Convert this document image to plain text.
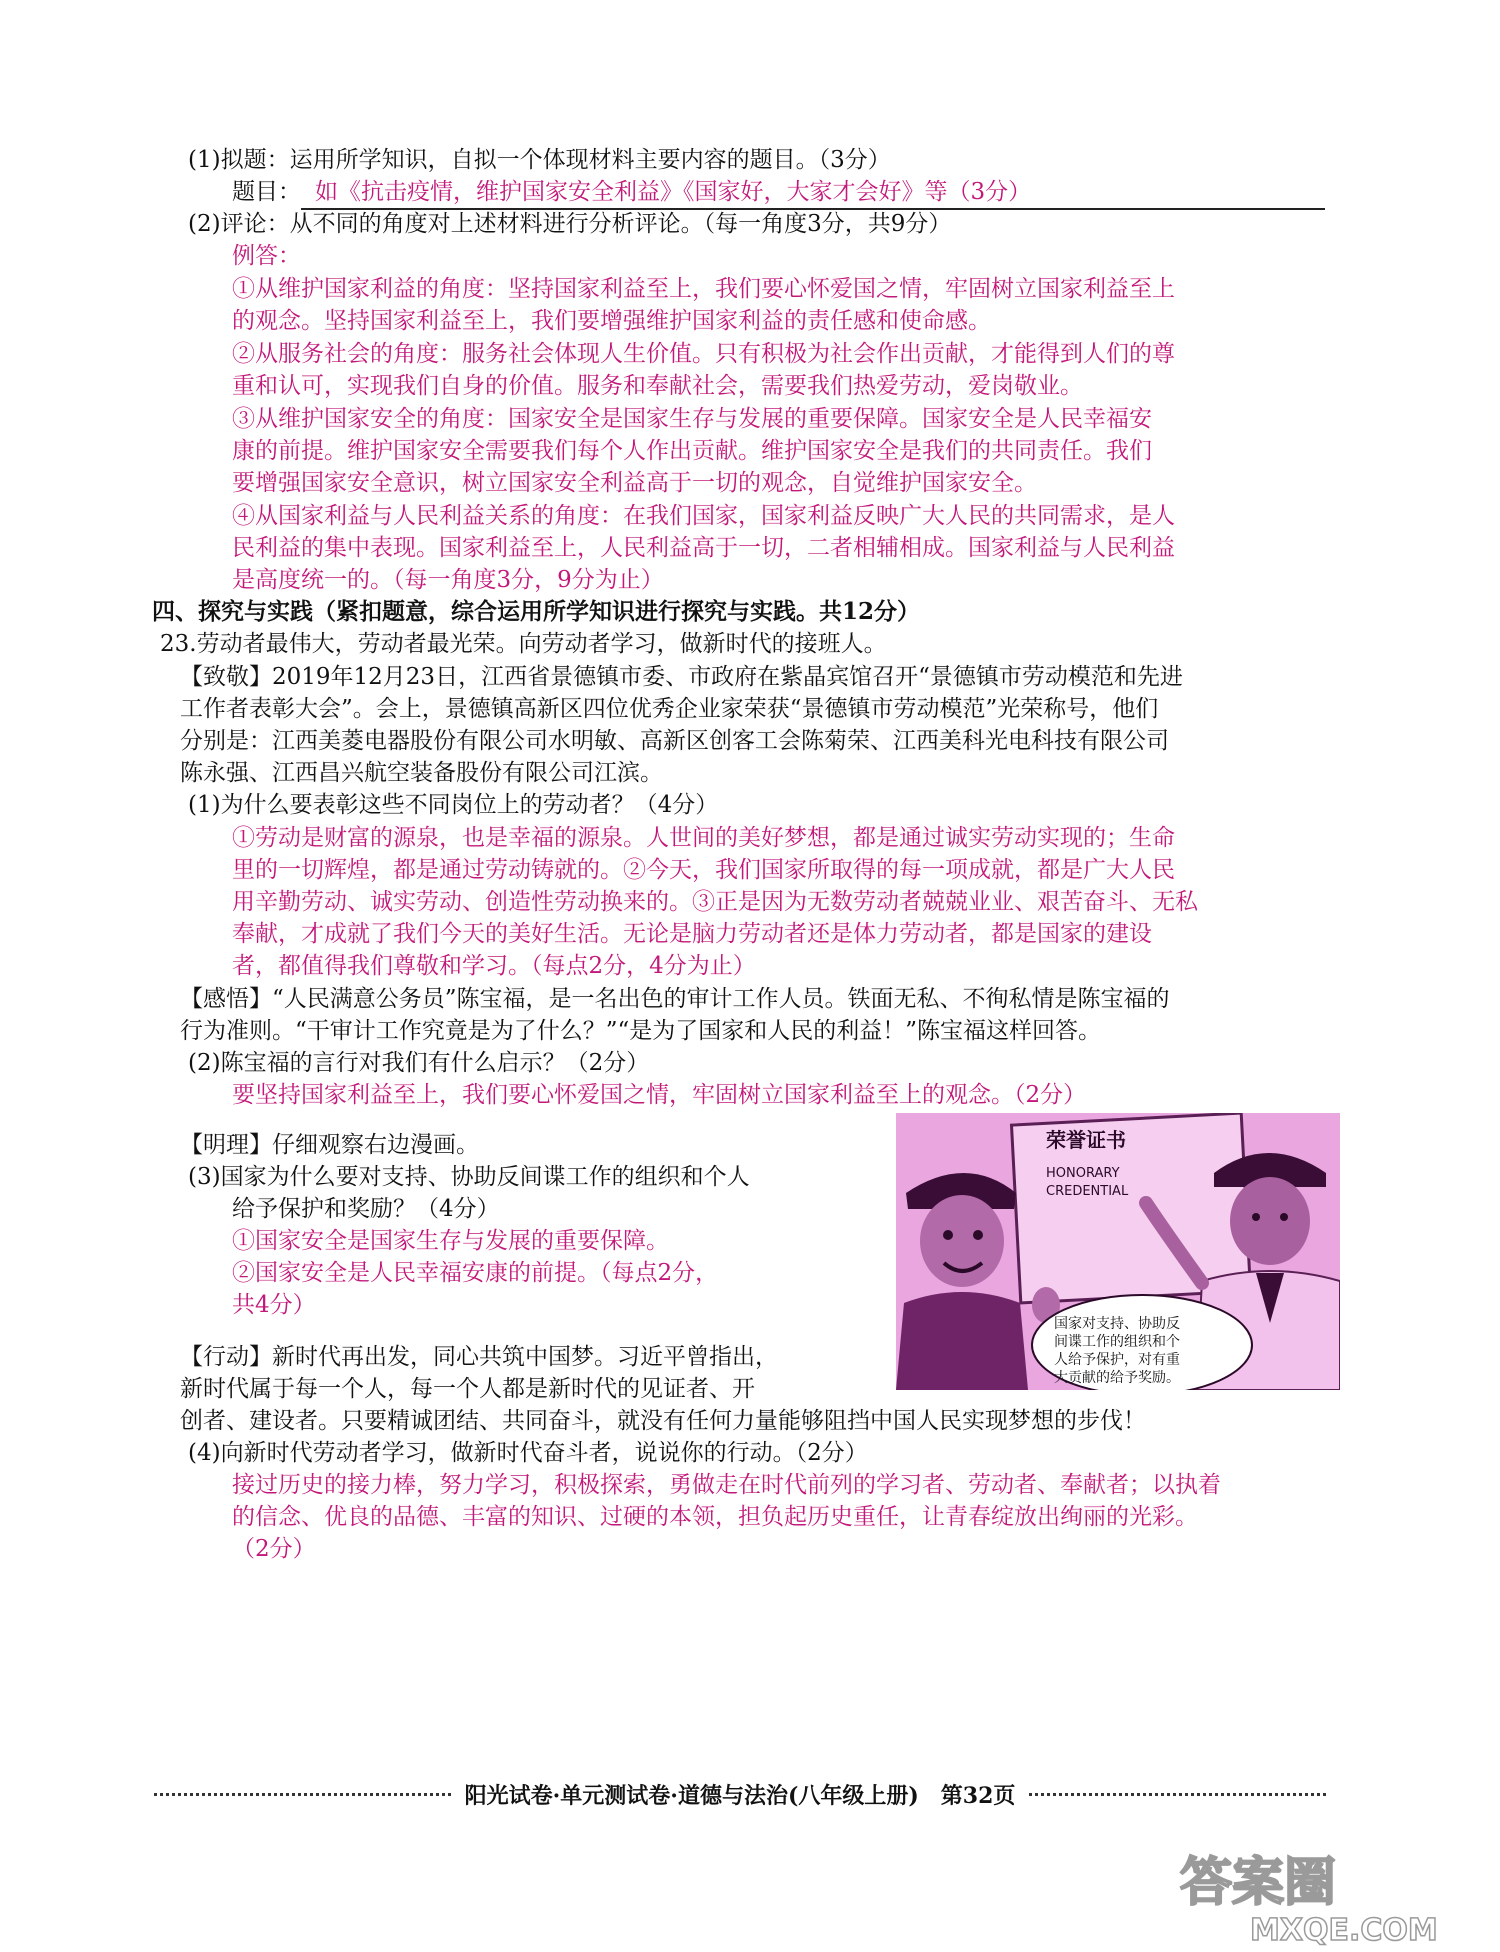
(1)拟题：运用所学知识，自拟一个体现材料主要内容的题目。（3分）
题目： 如《抗击疫情，维护国家安全利益》《国家好，大家才会好》等（3分）
(2)评论：从不同的角度对上述材料进行分析评论。（每一角度3分，共9分）
例答：
①从维护国家利益的角度：坚持国家利益至上，我们要心怀爱国之情，牢固树立国家利益至上
的观念。坚持国家利益至上，我们要增强维护国家利益的责任感和使命感。
②从服务社会的角度：服务社会体现人生价值。只有积极为社会作出贡献，才能得到人们的尊
重和认可，实现我们自身的价值。服务和奉献社会，需要我们热爱劳动，爱岗敬业。
③从维护国家安全的角度：国家安全是国家生存与发展的重要保障。国家安全是人民幸福安
康的前提。维护国家安全需要我们每个人作出贡献。维护国家安全是我们的共同责任。我们
要增强国家安全意识，树立国家安全利益高于一切的观念，自觉维护国家安全。
④从国家利益与人民利益关系的角度：在我们国家，国家利益反映广大人民的共同需求，是人
民利益的集中表现。国家利益至上，人民利益高于一切，二者相辅相成。国家利益与人民利益
是高度统一的。（每一角度3分，9分为止）
四、探究与实践（紧扣题意，综合运用所学知识进行探究与实践。共12分）
23.劳动者最伟大，劳动者最光荣。向劳动者学习，做新时代的接班人。
【致敬】2019年12月23日，江西省景德镇市委、市政府在紫晶宾馆召开“景德镇市劳动模范和先进
工作者表彰大会”。会上，景德镇高新区四位优秀企业家荣获“景德镇市劳动模范”光荣称号，他们
分别是：江西美菱电器股份有限公司水明敏、高新区创客工会陈菊荣、江西美科光电科技有限公司
陈永强、江西昌兴航空装备股份有限公司江滨。
(1)为什么要表彰这些不同岗位上的劳动者？（4分）
①劳动是财富的源泉，也是幸福的源泉。人世间的美好梦想，都是通过诚实劳动实现的；生命
里的一切辉煌，都是通过劳动铸就的。②今天，我们国家所取得的每一项成就，都是广大人民
用辛勤劳动、诚实劳动、创造性劳动换来的。③正是因为无数劳动者兢兢业业、艰苦奋斗、无私
奉献，才成就了我们今天的美好生活。无论是脑力劳动者还是体力劳动者，都是国家的建设
者，都值得我们尊敬和学习。（每点2分，4分为止）
【感悟】“人民满意公务员”陈宝福，是一名出色的审计工作人员。铁面无私、不徇私情是陈宝福的
行为准则。“干审计工作究竟是为了什么？”“是为了国家和人民的利益！”陈宝福这样回答。
(2)陈宝福的言行对我们有什么启示？（2分）
要坚持国家利益至上，我们要心怀爱国之情，牢固树立国家利益至上的观念。（2分）
【明理】仔细观察右边漫画。
(3)国家为什么要对支持、协助反间谍工作的组织和个人
给予保护和奖励？（4分）
①国家安全是国家生存与发展的重要保障。
②国家安全是人民幸福安康的前提。（每点2分，
共4分）
【行动】新时代再出发，同心共筑中国梦。习近平曾指出，
新时代属于每一个人，每一个人都是新时代的见证者、开
创者、建设者。只要精诚团结、共同奋斗，就没有任何力量能够阻挡中国人民实现梦想的步伐！
(4)向新时代劳动者学习，做新时代奋斗者，说说你的行动。（2分）
接过历史的接力棒，努力学习，积极探索，勇做走在时代前列的学习者、劳动者、奉献者；以执着
的信念、优良的品德、丰富的知识、过硬的本领，担负起历史重任，让青春绽放出绚丽的光彩。
（2分）
荣誉证书
HONORARY
CREDENTIAL
国家对支持、协助反
间谍工作的组织和个
人给予保护，对有重
大贡献的给予奖励。
阳光试卷·单元测试卷·道德与法治(八年级上册)　第32页
答案圈
MXQE.COM
